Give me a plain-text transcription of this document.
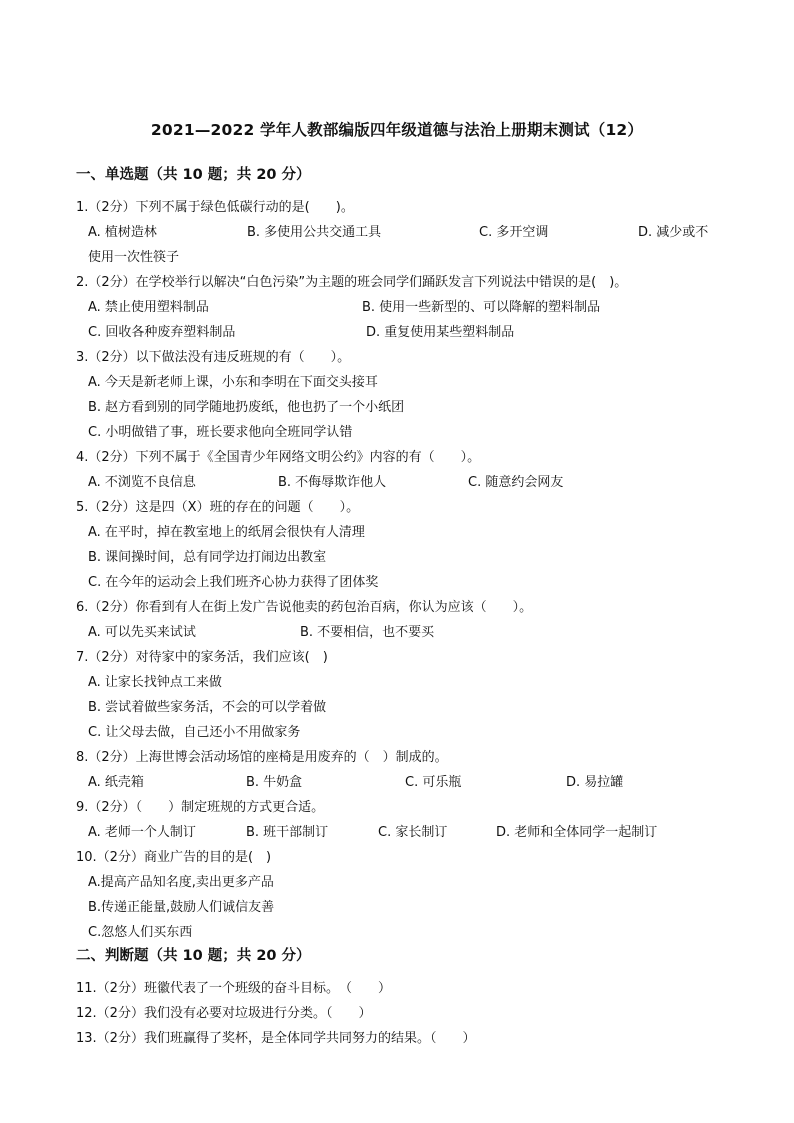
2021—2022 学年人教部编版四年级道德与法治上册期末测试（12）
一、单选题（共 10 题；共 20 分）
1.（2分）下列不属于绿色低碳行动的是(　　)。
A. 植树造林	B. 多使用公共交通工具	C. 多开空调	D. 减少或不
使用一次性筷子
2.（2分）在学校举行以解决“白色污染”为主题的班会同学们踊跃发言下列说法中错误的是(　)。
A. 禁止使用塑料制品	B. 使用一些新型的、可以降解的塑料制品
C. 回收各种废弃塑料制品	D. 重复使用某些塑料制品
3.（2分）以下做法没有违反班规的有（　　）。
A. 今天是新老师上课，小东和李明在下面交头接耳
B. 赵方看到别的同学随地扔废纸，他也扔了一个小纸团
C. 小明做错了事，班长要求他向全班同学认错
4.（2分）下列不属于《全国青少年网络文明公约》内容的有（　　）。
A. 不浏览不良信息	B. 不侮辱欺诈他人	C. 随意约会网友
5.（2分）这是四（X）班的存在的问题（　　）。
A. 在平时，掉在教室地上的纸屑会很快有人清理
B. 课间操时间，总有同学边打闹边出教室
C. 在今年的运动会上我们班齐心协力获得了团体奖
6.（2分）你看到有人在街上发广告说他卖的药包治百病，你认为应该（　　）。
A. 可以先买来试试	B. 不要相信，也不要买
7.（2分）对待家中的家务活，我们应该(　)
A. 让家长找钟点工来做
B. 尝试着做些家务活，不会的可以学着做
C. 让父母去做，自己还小不用做家务
8.（2分）上海世博会活动场馆的座椅是用废弃的（　）制成的。
A. 纸壳箱	B. 牛奶盒	C. 可乐瓶	D. 易拉罐
9.（2分）（　　）制定班规的方式更合适。
A. 老师一个人制订	B. 班干部制订	C. 家长制订	D. 老师和全体同学一起制订
10.（2分）商业广告的目的是(　)
A.提高产品知名度,卖出更多产品
B.传递正能量,鼓励人们诚信友善
C.忽悠人们买东西
二、判断题（共 10 题；共 20 分）
11.（2分）班徽代表了一个班级的奋斗目标。　（　　）
12.（2分）我们没有必要对垃圾进行分类。（　　）
13.（2分）我们班赢得了奖杯，是全体同学共同努力的结果。（　　）
